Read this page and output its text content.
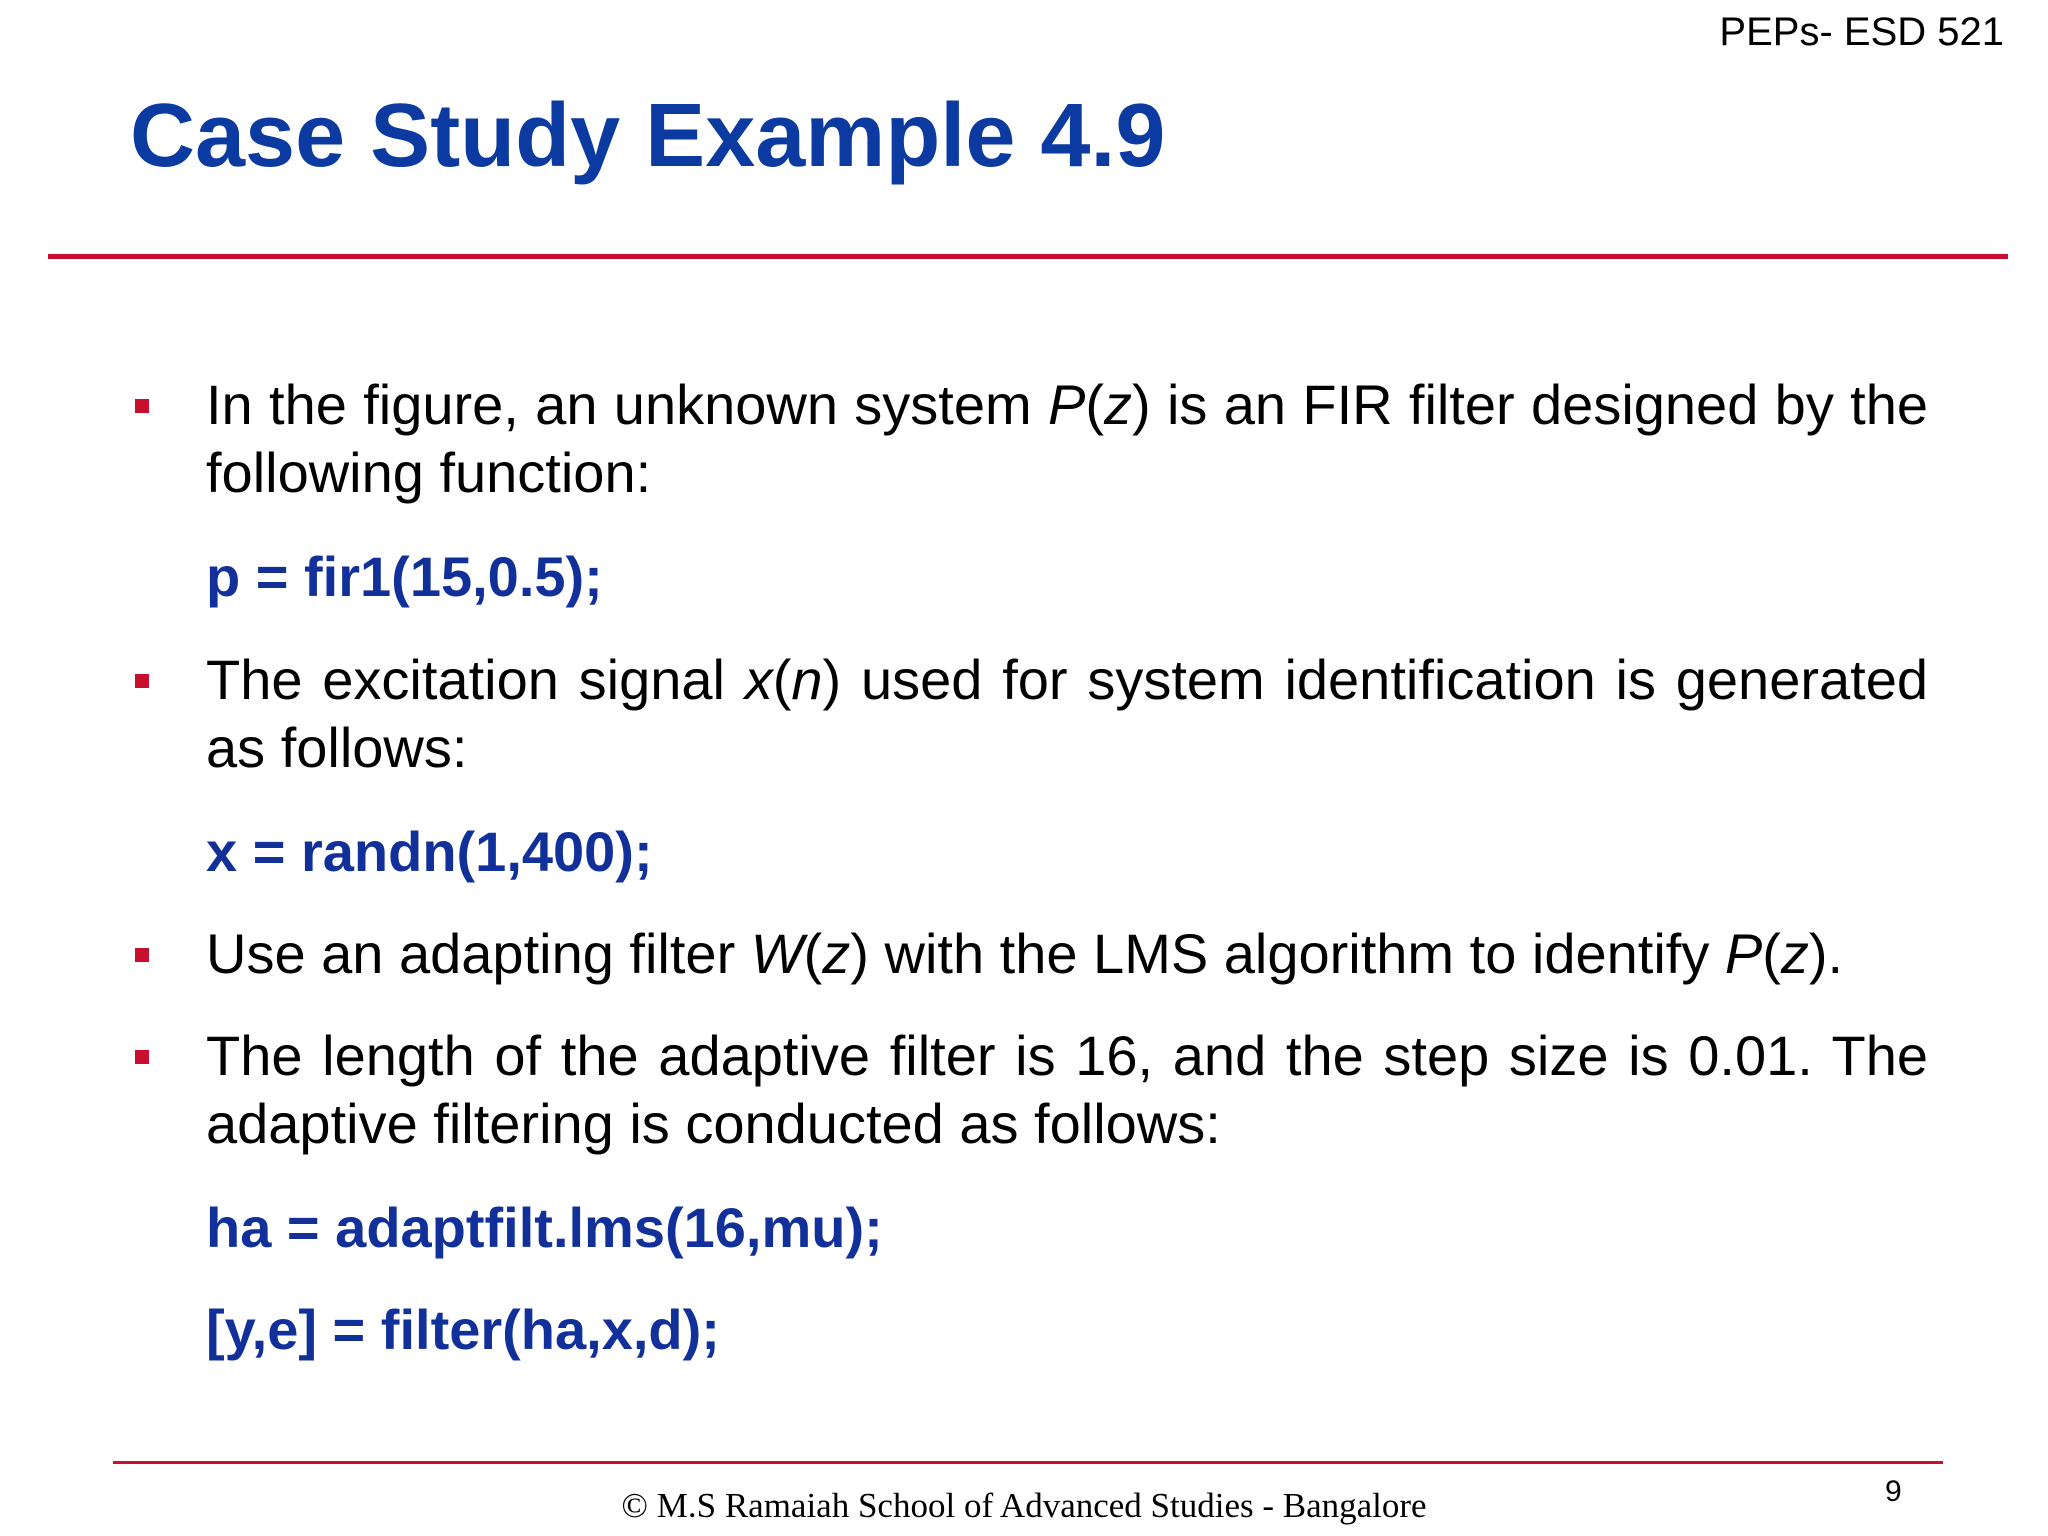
PEPs- ESD 521
Case Study Example 4.9
In the figure, an unknown system P(z) is an FIR filter designed by the following function:
p = fir1(15,0.5);
The excitation signal x(n) used for system identification is generated as follows:
x = randn(1,400);
Use an adapting filter W(z) with the LMS algorithm to identify P(z).
The length of the adaptive filter is 16, and the step size is 0.01. The adaptive filtering is conducted as follows:
ha = adaptfilt.lms(16,mu);
[y,e] = filter(ha,x,d);
© M.S Ramaiah School of Advanced Studies - Bangalore	9
